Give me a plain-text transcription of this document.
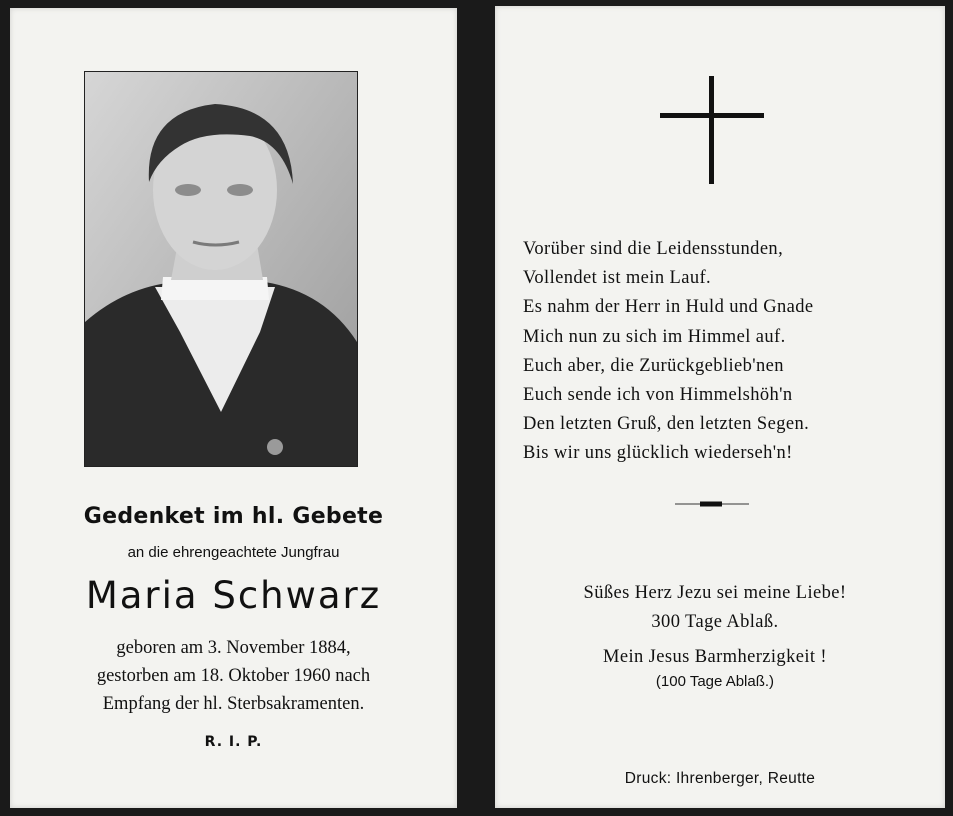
Gedenket im hl. Gebete
an die ehrengeachtete Jungfrau
Maria Schwarz
geboren am 3. November 1884,
gestorben am 18. Oktober 1960 nach
Empfang der hl. Sterbsakramenten.
R. I. P.
Vorüber sind die Leidensstunden,
Vollendet ist mein Lauf.
Es nahm der Herr in Huld und Gnade
Mich nun zu sich im Himmel auf.
Euch aber, die Zurückgeblieb'nen
Euch sende ich von Himmelshöh'n
Den letzten Gruß, den letzten Segen.
Bis wir uns glücklich wiederseh'n!
Süßes Herz Jezu sei meine Liebe!
300 Tage Ablaß.
Mein Jesus Barmherzigkeit !
(100 Tage Ablaß.)
Druck: Ihrenberger, Reutte
